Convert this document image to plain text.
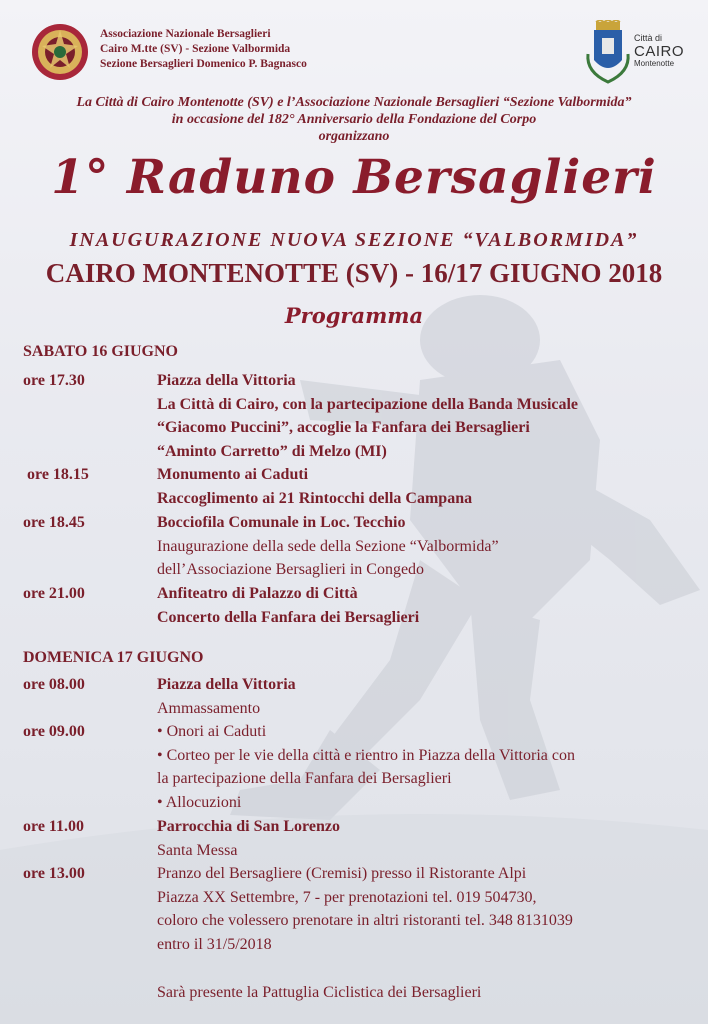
Associazione Nazionale Bersaglieri
Cairo M.tte (SV) - Sezione Valbormida
Sezione Bersaglieri Domenico P. Bagnasco
Città di
CAIRO
Montenotte
La Città di Cairo Montenotte (SV) e l’Associazione Nazionale Bersaglieri “Sezione Valbormida”
in occasione del 182° Anniversario della Fondazione del Corpo
organizzano
1° Raduno Bersaglieri
INAUGURAZIONE NUOVA SEZIONE “VALBORMIDA”
CAIRO MONTENOTTE (SV) - 16/17 GIUGNO 2018
Programma
SABATO 16 GIUGNO
ore 17.30	Piazza della Vittoria
La Città di Cairo, con la partecipazione della Banda Musicale
“Giacomo Puccini”, accoglie la Fanfara dei Bersaglieri
“Aminto Carretto” di Melzo (MI)
ore 18.15	Monumento ai Caduti
Raccoglimento ai 21 Rintocchi della Campana
ore 18.45	Bocciofila Comunale in Loc. Tecchio
Inaugurazione della sede della Sezione “Valbormida”
dell’Associazione Bersaglieri in Congedo
ore 21.00	Anfiteatro di Palazzo di Città
Concerto della Fanfara dei Bersaglieri
DOMENICA 17 GIUGNO
ore 08.00	Piazza della Vittoria
Ammassamento
ore 09.00	• Onori ai Caduti
• Corteo per le vie della città e rientro in Piazza della Vittoria con
la partecipazione della Fanfara dei Bersaglieri
• Allocuzioni
ore 11.00	Parrocchia di San Lorenzo
Santa Messa
ore 13.00	Pranzo del Bersagliere (Cremisi) presso il Ristorante Alpi
Piazza XX Settembre, 7 - per prenotazioni tel. 019 504730,
coloro che volessero prenotare in altri ristoranti tel. 348 8131039
entro il 31/5/2018
Sarà presente la Pattuglia Ciclistica dei Bersaglieri
